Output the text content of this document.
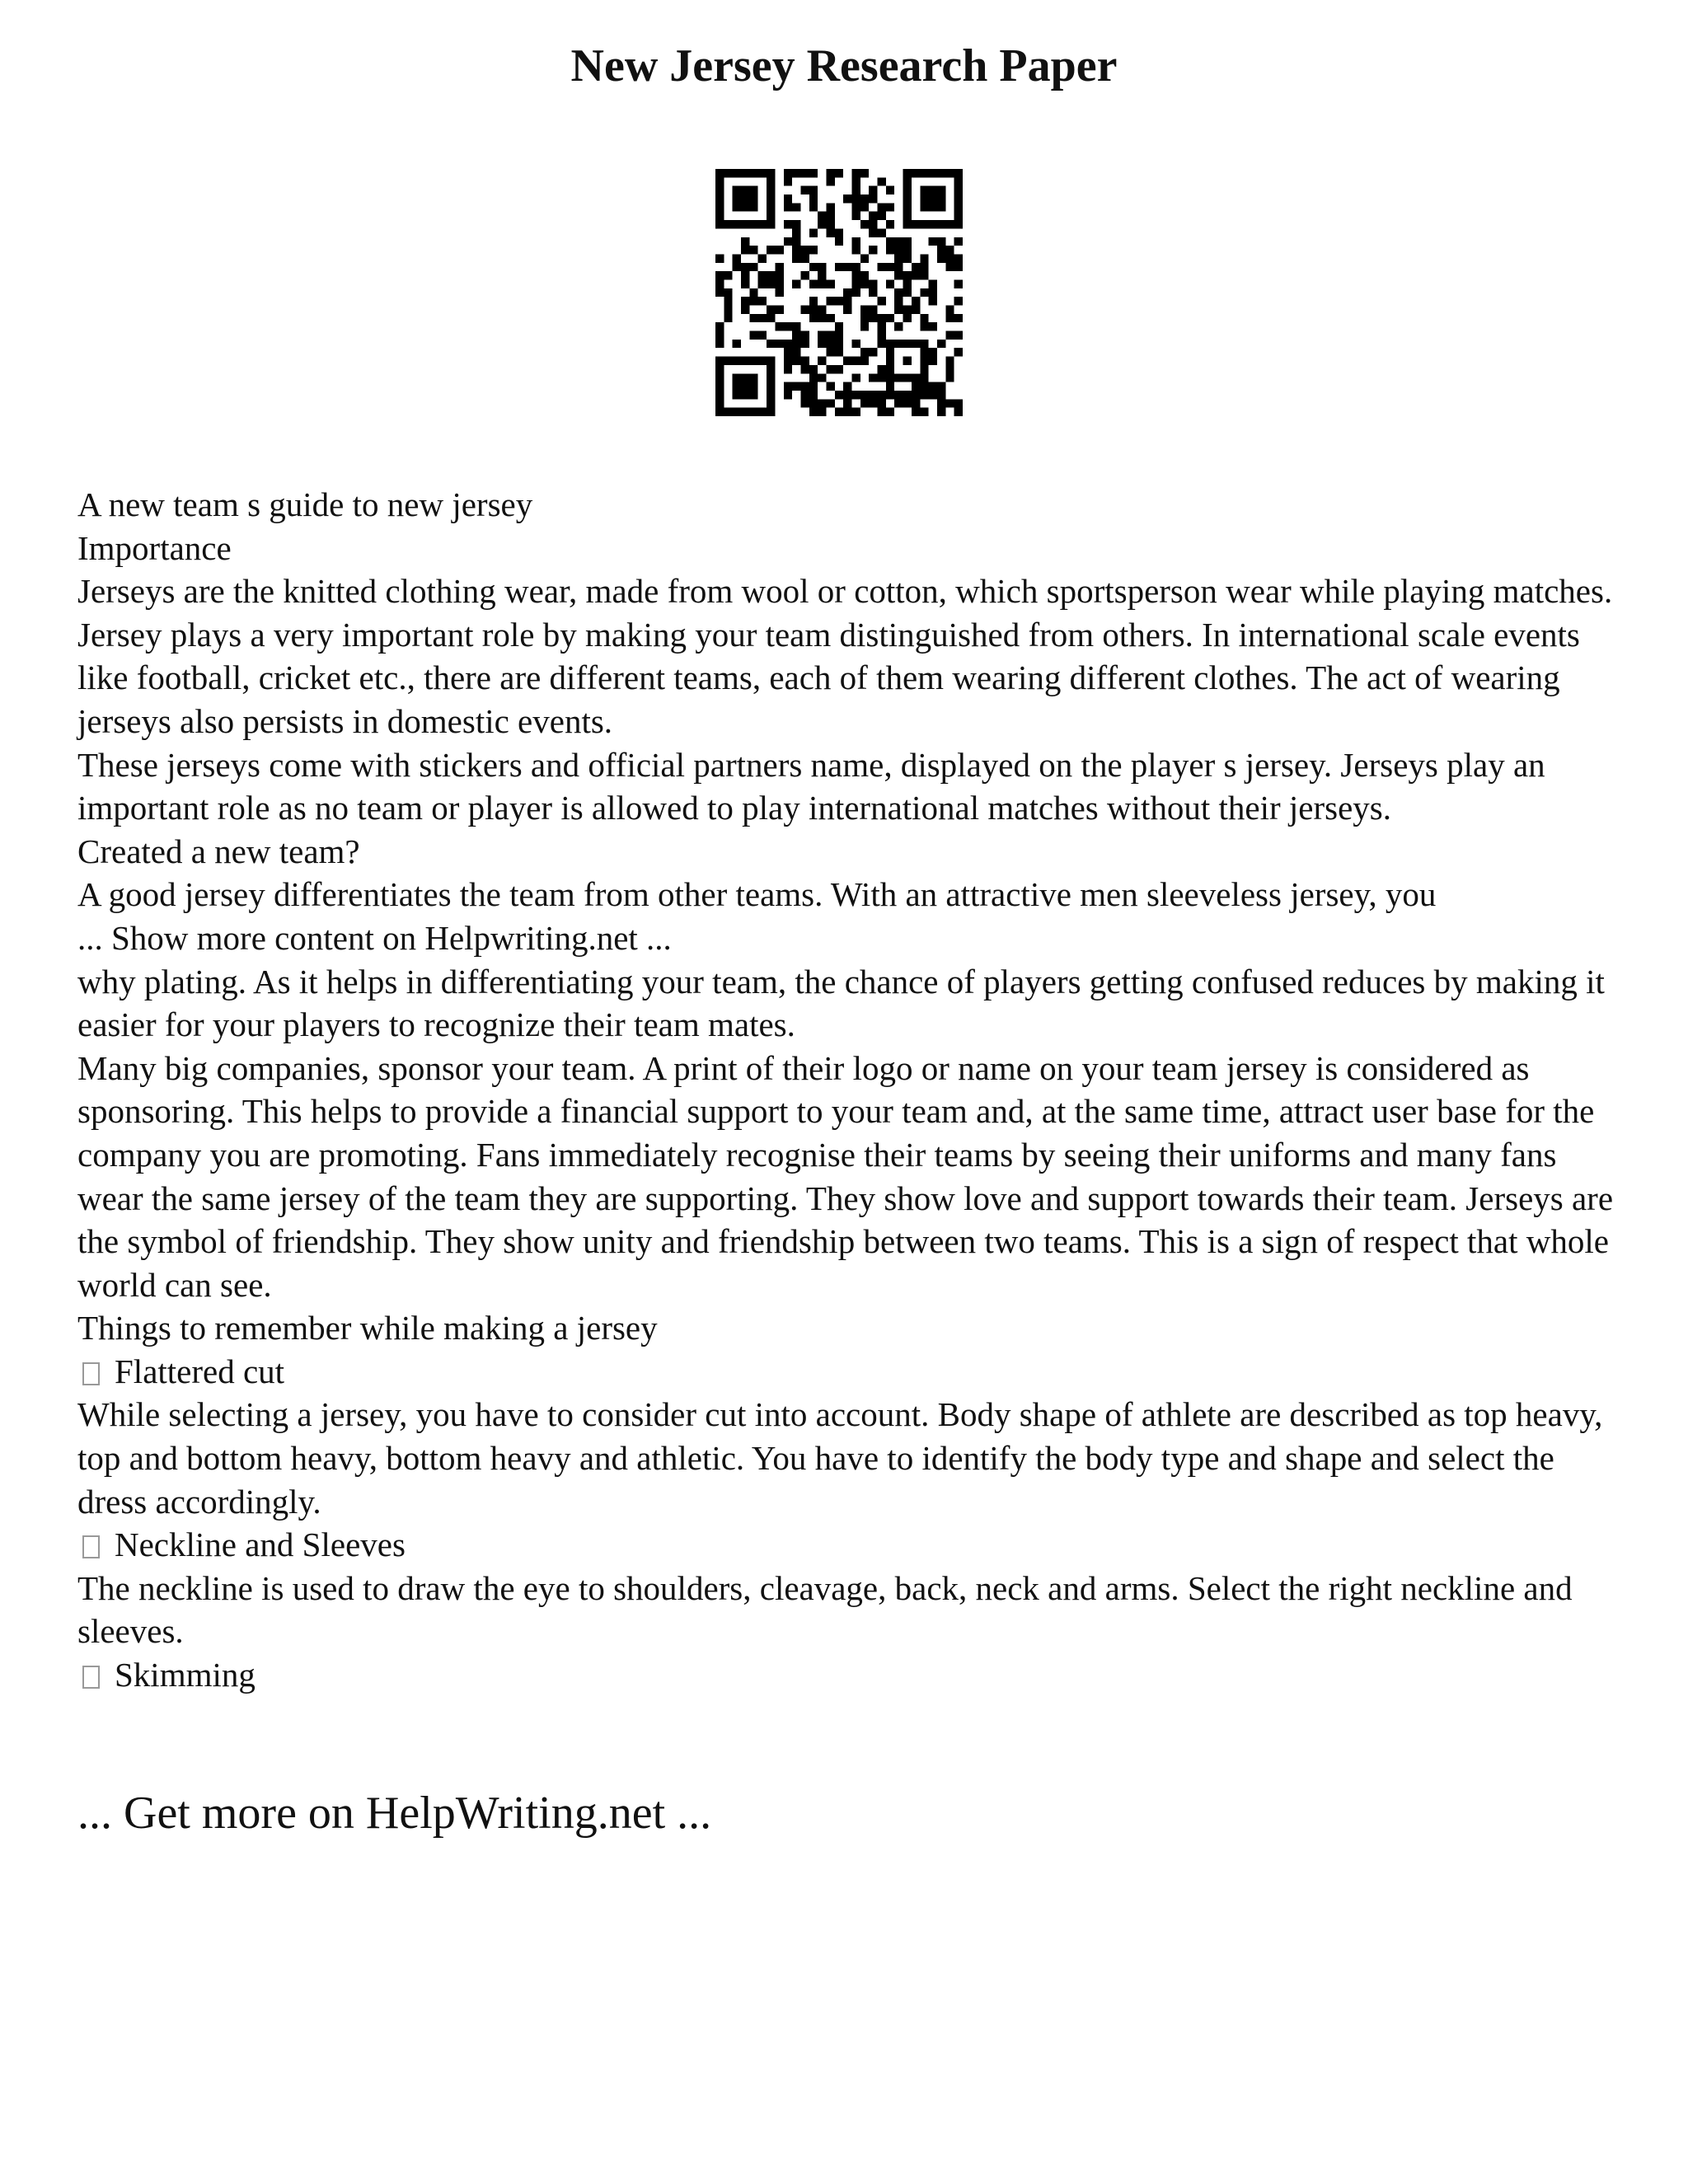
New Jersey Research Paper

A new team s guide to new jersey

Importance

Jerseys are the knitted clothing wear, made from wool or cotton, which sportsperson wear while playing matches. Jersey plays a very important role by making your team distinguished from others. In international scale events like football, cricket etc., there are different teams, each of them wearing different clothes. The act of wearing jerseys also persists in domestic events.

These jerseys come with stickers and official partners name, displayed on the player s jersey. Jerseys play an important role as no team or player is allowed to play international matches without their jerseys.

Created a new team?

A good jersey differentiates the team from other teams. With an attractive men sleeveless jersey, you

... Show more content on Helpwriting.net ...

why plating. As it helps in differentiating your team, the chance of players getting confused reduces by making it easier for your players to recognize their team mates.

Many big companies, sponsor your team. A print of their logo or name on your team jersey is considered as sponsoring. This helps to provide a financial support to your team and, at the same time, attract user base for the company you are promoting. Fans immediately recognise their teams by seeing their uniforms and many fans wear the same jersey of the team they are supporting. They show love and support towards their team. Jerseys are the symbol of friendship. They show unity and friendship between two teams. This is a sign of respect that whole world can see.

Things to remember while making a jersey

Flattered cut

While selecting a jersey, you have to consider cut into account. Body shape of athlete are described as top heavy, top and bottom heavy, bottom heavy and athletic. You have to identify the body type and shape and select the dress accordingly.

Neckline and Sleeves

The neckline is used to draw the eye to shoulders, cleavage, back, neck and arms. Select the right neckline and sleeves.

Skimming

... Get more on HelpWriting.net ...
